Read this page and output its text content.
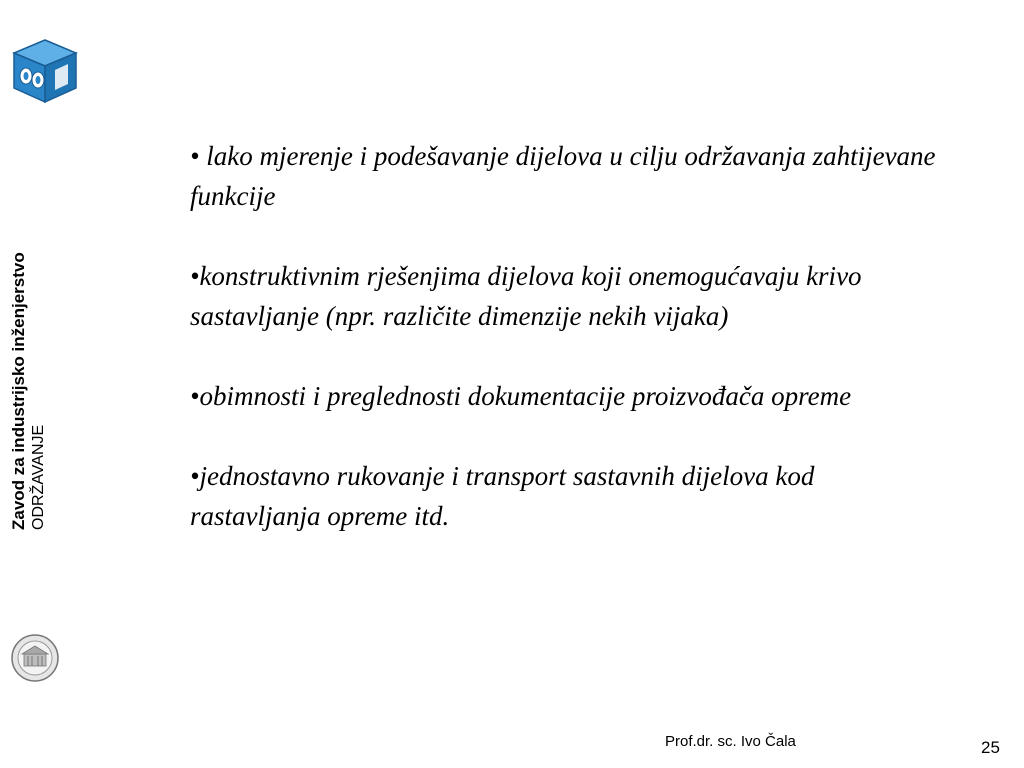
Zavod za industrijsko inženjerstvo ODRŽAVANJE
• lako mjerenje i podešavanje dijelova u cilju održavanja zahtijevane funkcije
•konstruktivnim rješenjima dijelova koji onemogućavaju krivo sastavljanje (npr. različite dimenzije nekih vijaka)
•obimnosti i preglednosti dokumentacije proizvođača opreme
•jednostavno rukovanje i transport sastavnih dijelova kod rastavljanja opreme itd.
Prof.dr. sc. Ivo Čala	25
